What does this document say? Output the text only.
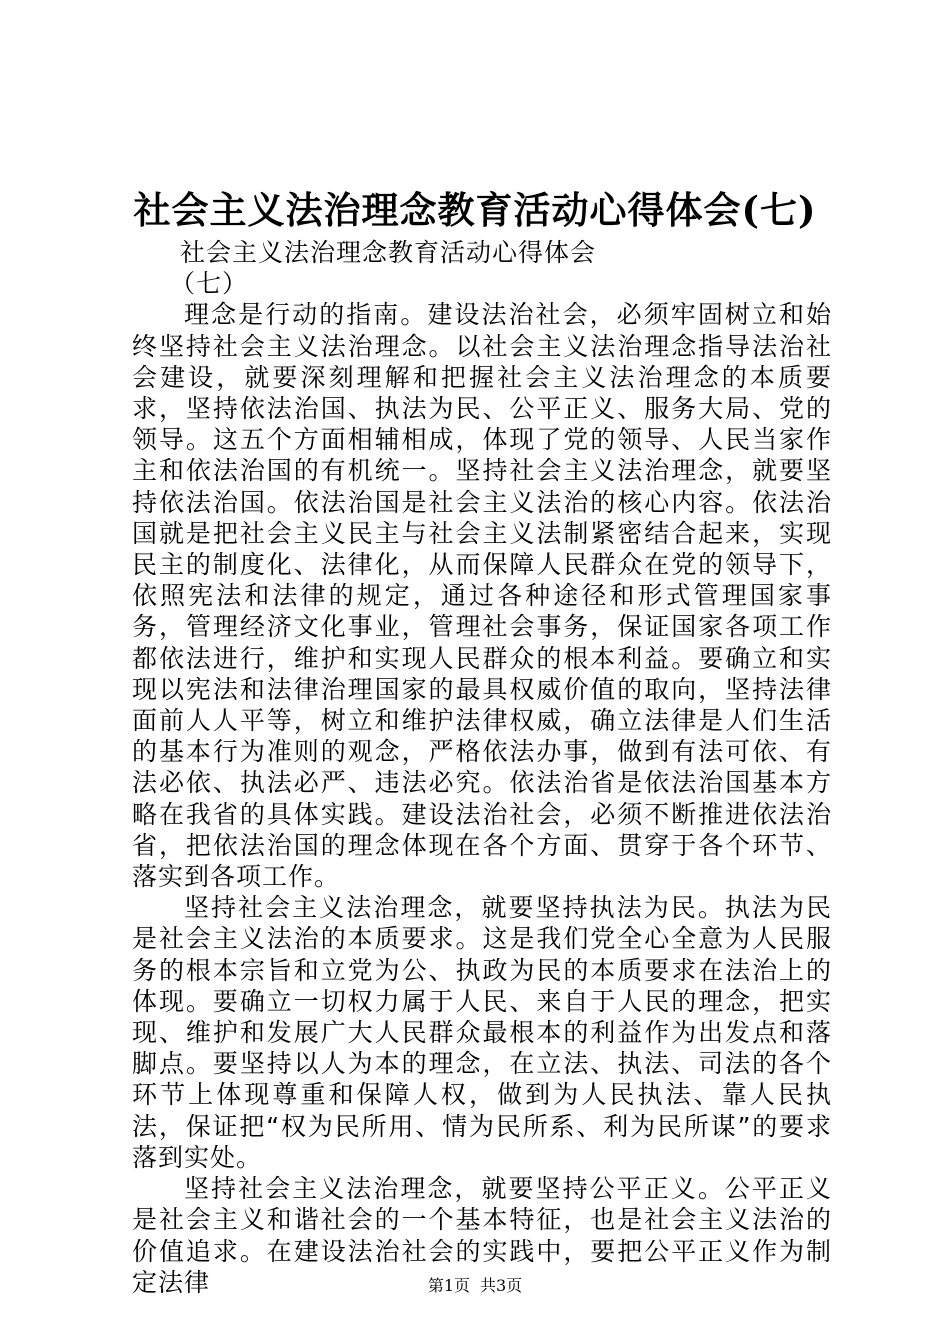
社会主义法治理念教育活动心得体会(七)

社会主义法治理念教育活动心得体会

（七）

理念是行动的指南。建设法治社会，必须牢固树立和始终坚持社会主义法治理念。以社会主义法治理念指导法治社会建设，就要深刻理解和把握社会主义法治理念的本质要求，坚持依法治国、执法为民、公平正义、服务大局、党的领导。这五个方面相辅相成，体现了党的领导、人民当家作主和依法治国的有机统一。坚持社会主义法治理念，就要坚持依法治国。依法治国是社会主义法治的核心内容。依法治国就是把社会主义民主与社会主义法制紧密结合起来，实现民主的制度化、法律化，从而保障人民群众在党的领导下，依照宪法和法律的规定，通过各种途径和形式管理国家事务，管理经济文化事业，管理社会事务，保证国家各项工作都依法进行，维护和实现人民群众的根本利益。要确立和实现以宪法和法律治理国家的最具权威价值的取向，坚持法律面前人人平等，树立和维护法律权威，确立法律是人们生活的基本行为准则的观念，严格依法办事，做到有法可依、有法必依、执法必严、违法必究。依法治省是依法治国基本方略在我省的具体实践。建设法治社会，必须不断推进依法治省，把依法治国的理念体现在各个方面、贯穿于各个环节、落实到各项工作。

坚持社会主义法治理念，就要坚持执法为民。执法为民是社会主义法治的本质要求。这是我们党全心全意为人民服务的根本宗旨和立党为公、执政为民的本质要求在法治上的体现。要确立一切权力属于人民、来自于人民的理念，把实现、维护和发展广大人民群众最根本的利益作为出发点和落脚点。要坚持以人为本的理念，在立法、执法、司法的各个环节上体现尊重和保障人权，做到为人民执法、靠人民执法，保证把“权为民所用、情为民所系、利为民所谋”的要求落到实处。

坚持社会主义法治理念，就要坚持公平正义。公平正义是社会主义和谐社会的一个基本特征，也是社会主义法治的价值追求。在建设法治社会的实践中，要把公平正义作为制定法律	第1页 共3页
